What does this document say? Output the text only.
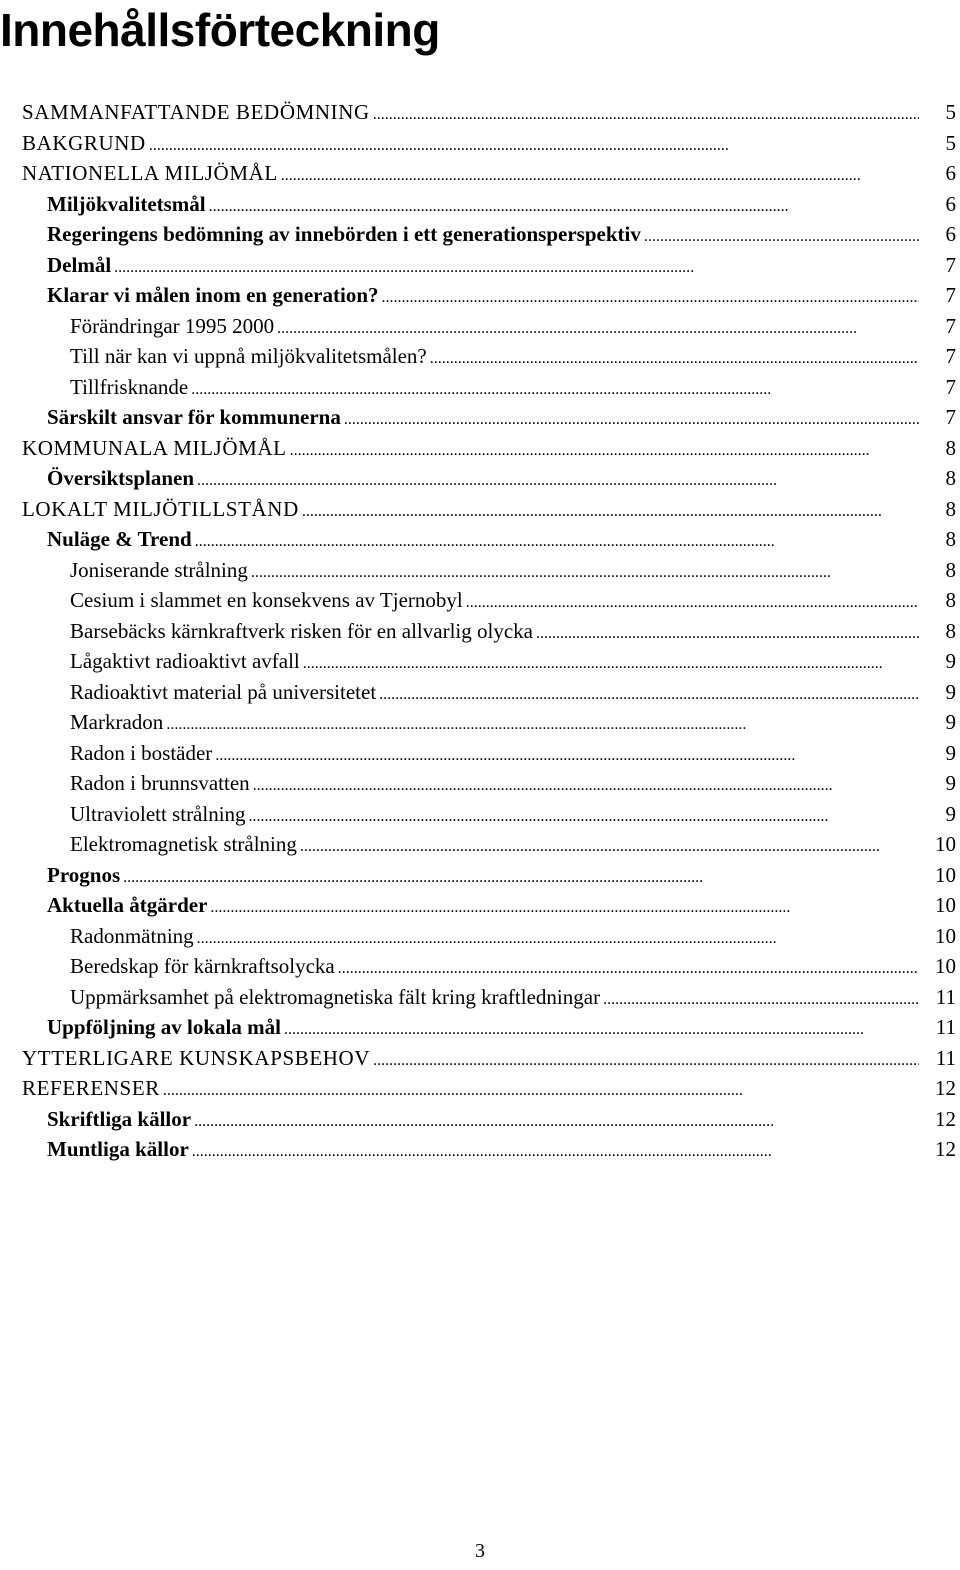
Innehållsförteckning
SAMMANFATTANDE BEDÖMNING . . .	5
BAKGRUND . . .	5
NATIONELLA MILJÖMÅL . . .	6
Miljökvalitetsmål . . .	6
Regeringens bedömning av innebörden i ett generationsperspektiv . . .	6
Delmål . . .	7
Klarar vi målen inom en generation? . . .	7
Förändringar 1995 2000 . . .	7
Till när kan vi uppnå miljökvalitetsmålen? . . .	7
Tillfrisknande . . .	7
Särskilt ansvar för kommunerna . . .	7
KOMMUNALA MILJÖMÅL . . .	8
Översiktsplanen . . .	8
LOKALT MILJÖTILLSTÅND . . .	8
Nuläge & Trend . . .	8
Joniserande strålning . . .	8
Cesium i slammet en konsekvens av Tjernobyl . . .	8
Barsebäcks kärnkraftverk risken för en allvarlig olycka . . .	8
Lågaktivt radioaktivt avfall . . .	9
Radioaktivt material på universitetet . . .	9
Markradon . . .	9
Radon i bostäder . . .	9
Radon i brunnsvatten . . .	9
Ultraviolett strålning . . .	9
Elektromagnetisk strålning . . .	10
Prognos . . .	10
Aktuella åtgärder . . .	10
Radonmätning . . .	10
Beredskap för kärnkraftsolycka . . .	10
Uppmärksamhet på elektromagnetiska fält kring kraftledningar . . .	11
Uppföljning av lokala mål . . .	11
YTTERLIGARE KUNSKAPSBEHOV . . .	11
REFERENSER . . .	12
Skriftliga källor . . .	12
Muntliga källor . . .	12
3
